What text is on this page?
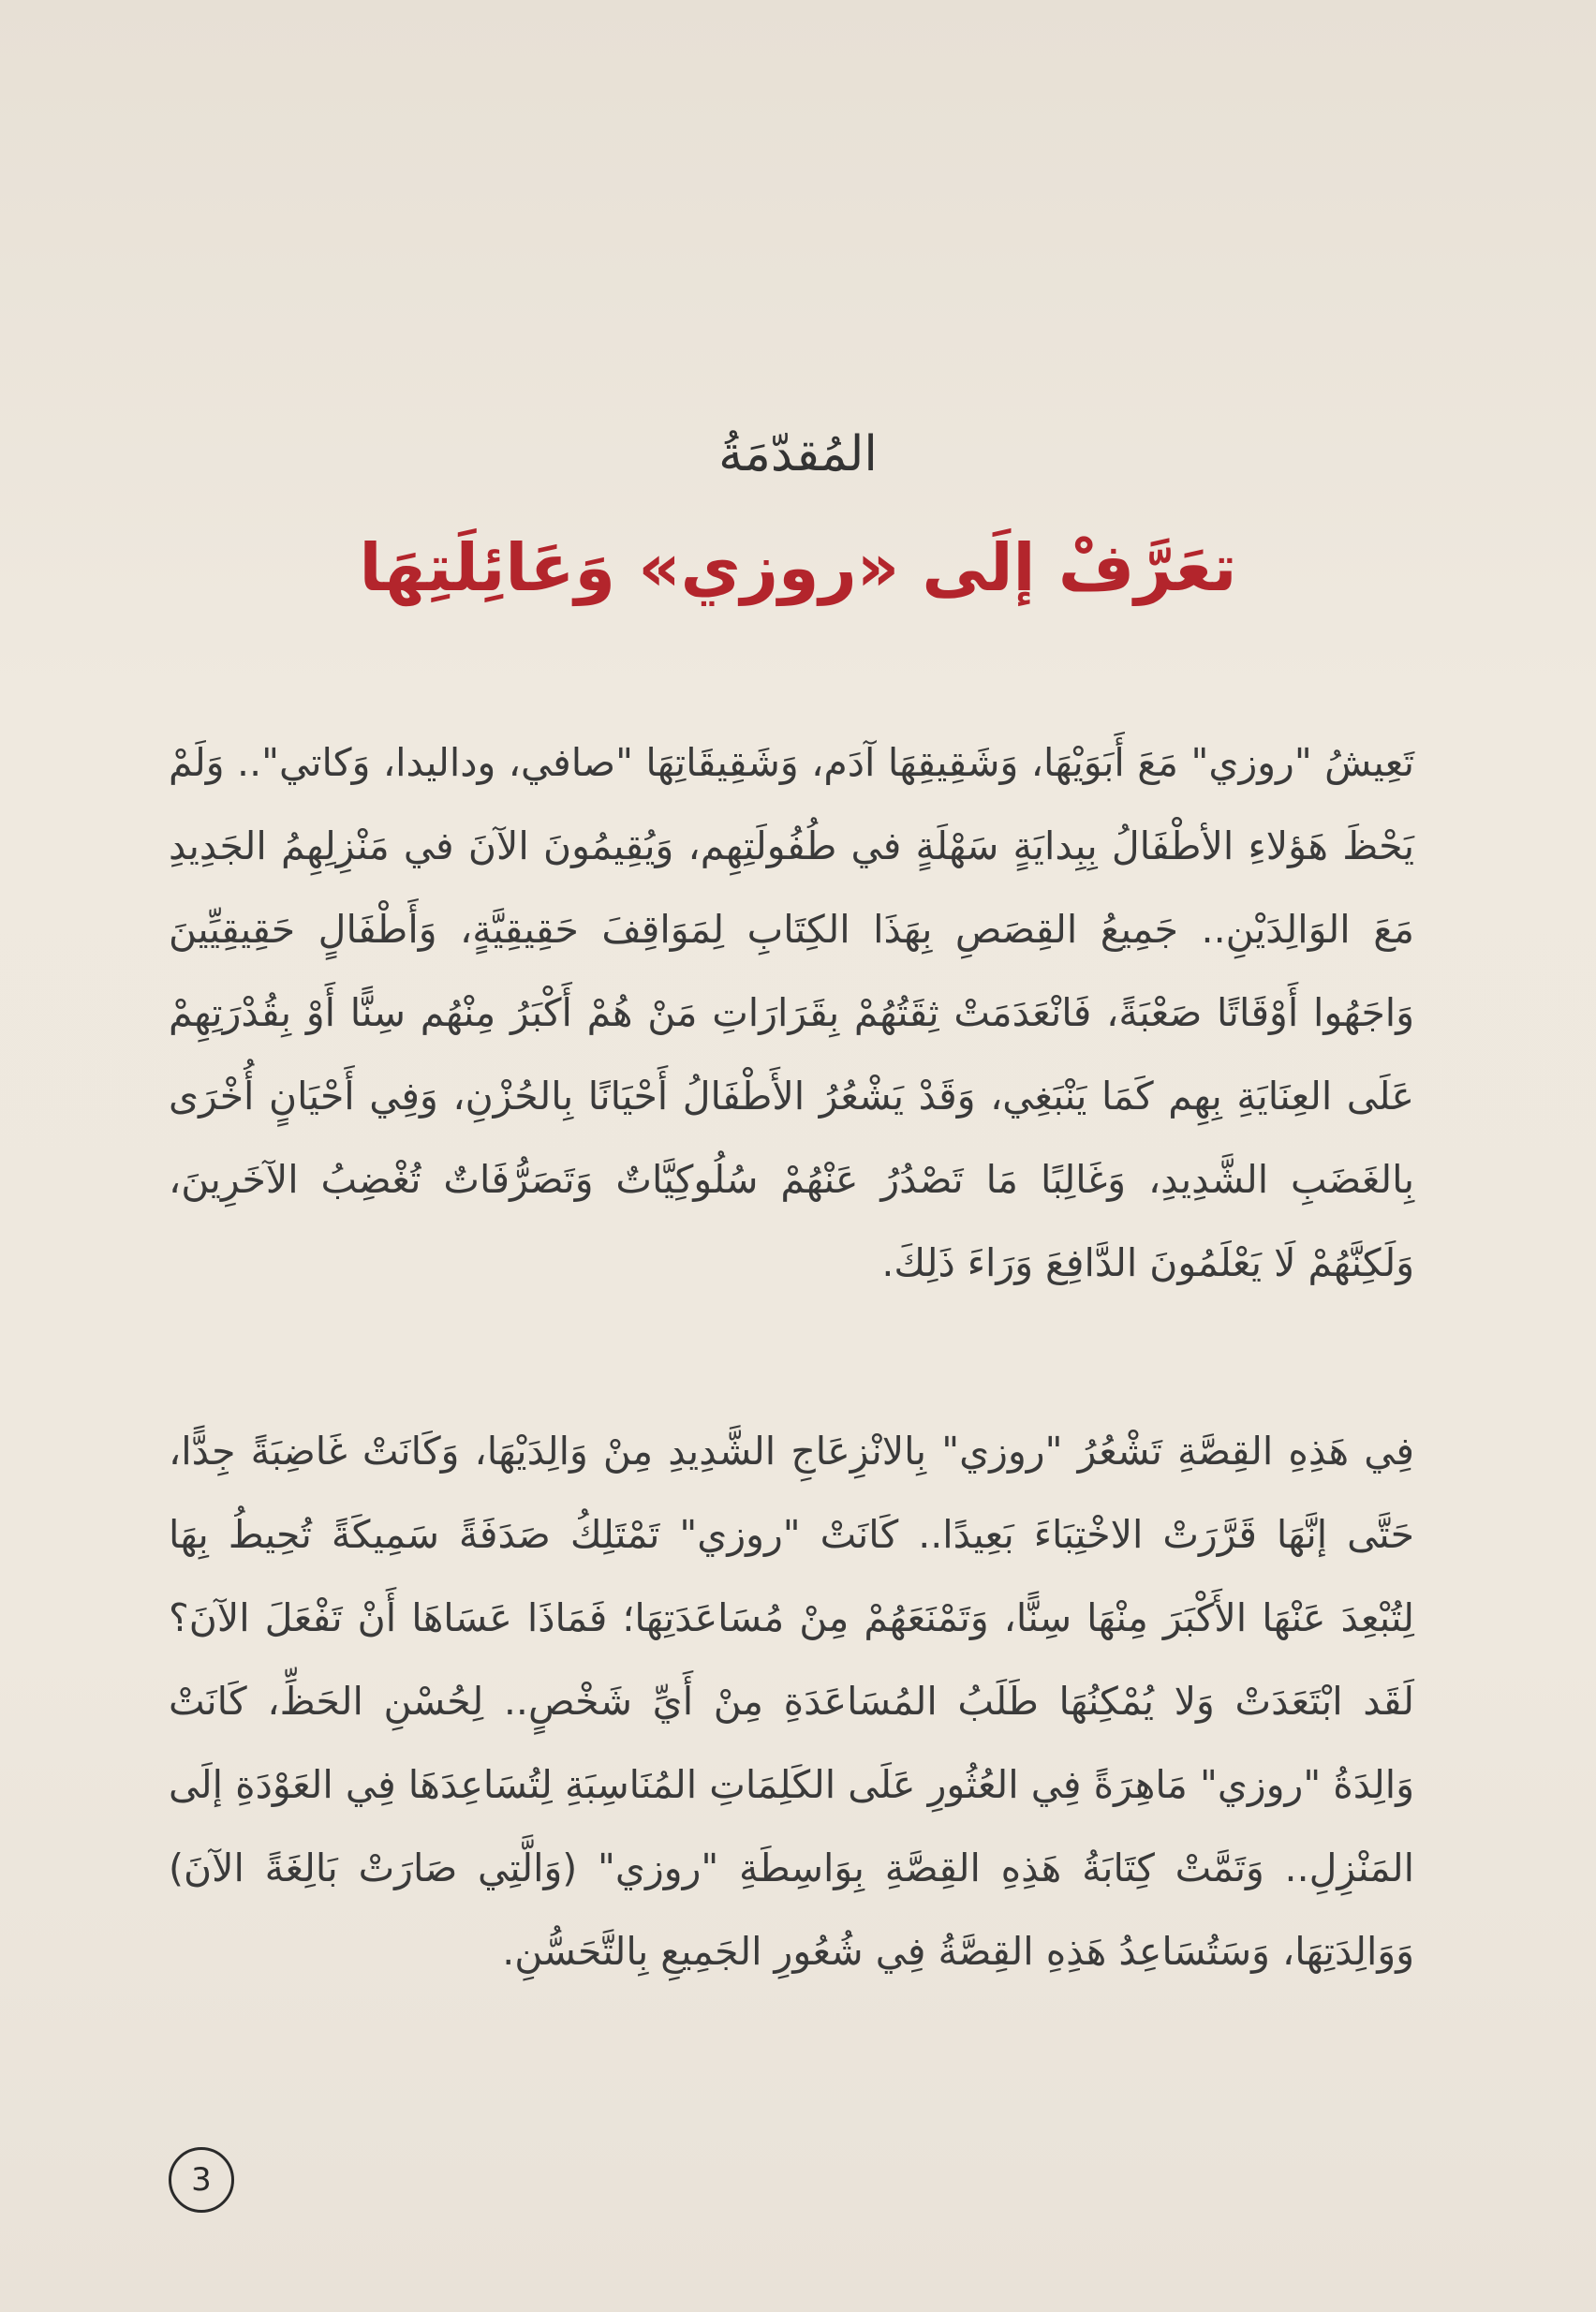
المُقدّمَةُ
تعَرَّفْ إلَى «روزي» وَعَائِلَتِهَا

تَعِيشُ "روزي" مَعَ أَبَوَيْهَا، وَشَقِيقِهَا آدَم، وَشَقِيقَاتِهَا "صافي، وداليدا، وَكاتي".. وَلَمْ يَحْظَ هَؤلاءِ الأطْفَالُ بِبِدايَةٍ سَهْلَةٍ في طُفُولَتِهِم، وَيُقِيمُونَ الآنَ في مَنْزِلِهِمُ الجَدِيدِ مَعَ الوَالِدَيْنِ.. جَمِيعُ القِصَصِ بِهَذَا الكِتَابِ لِمَوَاقِفَ حَقِيقِيَّةٍ، وَأَطْفَالٍ حَقِيقِيِّينَ وَاجَهُوا أَوْقَاتًا صَعْبَةً، فَانْعَدَمَتْ ثِقَتُهُمْ بِقَرَارَاتِ مَنْ هُمْ أَكْبَرُ مِنْهُم سِنًّا أَوْ بِقُدْرَتِهِمْ عَلَى العِنَايَةِ بِهِم كَمَا يَنْبَغِي، وَقَدْ يَشْعُرُ الأَطْفَالُ أَحْيَانًا بِالحُزْنِ، وَفِي أَحْيَانٍ أُخْرَى بِالغَضَبِ الشَّدِيدِ، وَغَالِبًا مَا تَصْدُرُ عَنْهُمْ سُلُوكِيَّاتٌ وَتَصَرُّفَاتٌ تُغْضِبُ الآخَرِينَ، وَلَكِنَّهُمْ لَا يَعْلَمُونَ الدَّافِعَ وَرَاءَ ذَلِكَ.

فِي هَذِهِ القِصَّةِ تَشْعُرُ "روزي" بِالانْزِعَاجِ الشَّدِيدِ مِنْ وَالِدَيْهَا، وَكَانَتْ غَاضِبَةً جِدًّا، حَتَّى إنَّهَا قَرَّرَتْ الاخْتِبَاءَ بَعِيدًا.. كَانَتْ "روزي" تَمْتَلِكُ صَدَفَةً سَمِيكَةً تُحِيطُ بِهَا لِتُبْعِدَ عَنْهَا الأَكْبَرَ مِنْهَا سِنًّا، وَتَمْنَعَهُمْ مِنْ مُسَاعَدَتِهَا؛ فَمَاذَا عَسَاهَا أَنْ تَفْعَلَ الآنَ؟ لَقَد ابْتَعَدَتْ وَلا يُمْكِنُهَا طَلَبُ المُسَاعَدَةِ مِنْ أَيِّ شَخْصٍ.. لِحُسْنِ الحَظِّ، كَانَتْ وَالِدَةُ "روزي" مَاهِرَةً فِي العُثُورِ عَلَى الكَلِمَاتِ المُنَاسِبَةِ لِتُسَاعِدَهَا فِي العَوْدَةِ إلَى المَنْزِلِ.. وَتَمَّتْ كِتَابَةُ هَذِهِ القِصَّةِ بِوَاسِطَةِ "روزي" (وَالَّتِي صَارَتْ بَالِغَةً الآنَ) وَوَالِدَتِهَا، وَسَتُسَاعِدُ هَذِهِ القِصَّةُ فِي شُعُورِ الجَمِيعِ بِالتَّحَسُّنِ.

3
